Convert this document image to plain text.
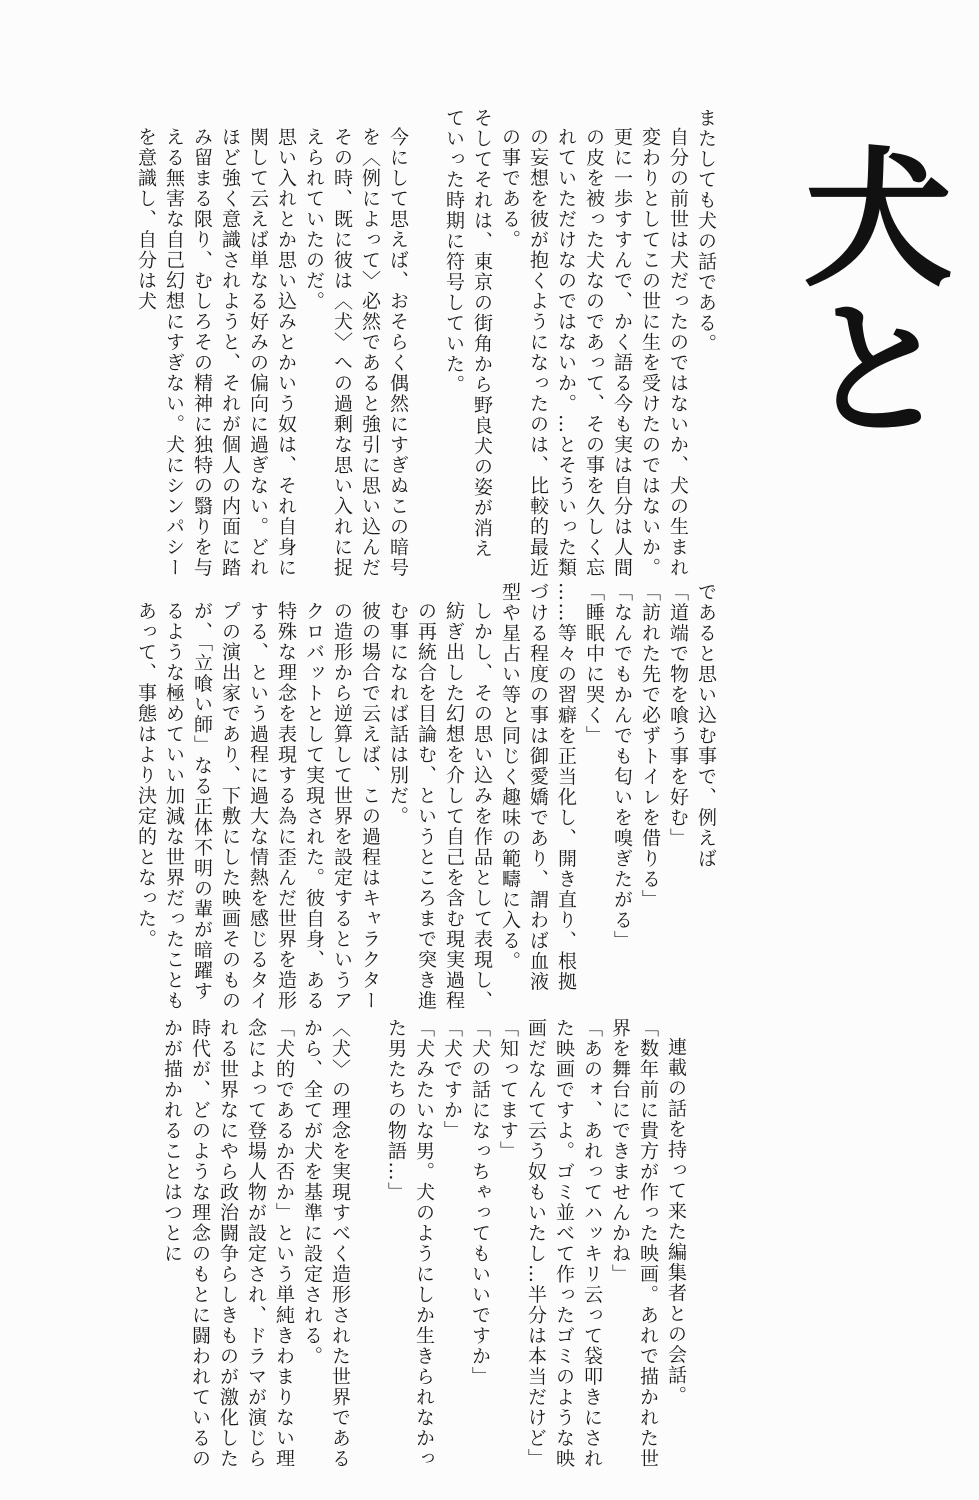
犬と

またしても犬の話である。

自分の前世は犬だったのではないか、犬の生まれ変わりとしてこの世に生を受けたのではないか。更に一歩すすんで、かく語る今も実は自分は人間の皮を被った犬なのであって、その事を久しく忘れていただけなのではないか。…とそういった類の妄想を彼が抱くようになったのは、比較的最近の事である。

そしてそれは、東京の街角から野良犬の姿が消えていった時期に符号していた。

今にして思えば、おそらく偶然にすぎぬこの暗号を〈例によって〉必然であると強引に思い込んだその時、既に彼は〈犬〉への過剰な思い入れに捉えられていたのだ。

思い入れとか思い込みとかいう奴は、それ自身に関して云えば単なる好みの偏向に過ぎない。どれほど強く意識されようと、それが個人の内面に踏み留まる限り、むしろその精神に独特の翳りを与える無害な自己幻想にすぎない。犬にシンパシーを意識し、自分は犬

であると思い込む事で、例えば

「道端で物を喰う事を好む」

「訪れた先で必ずトイレを借りる」

「なんでもかんでも匂いを嗅ぎたがる」

「睡眠中に哭く」

……等々の習癖を正当化し、開き直り、根拠づける程度の事は御愛嬌であり、謂わば血液型や星占い等と同じく趣味の範疇に入る。

しかし、その思い込みを作品として表現し、紡ぎ出した幻想を介して自己を含む現実過程の再統合を目論む、というところまで突き進む事になれば話は別だ。

彼の場合で云えば、この過程はキャラクターの造形から逆算して世界を設定するというアクロバットとして実現された。彼自身、ある特殊な理念を表現する為に歪んだ世界を造形する、という過程に過大な情熱を感じるタイプの演出家であり、下敷にした映画そのものが、「立喰い師」なる正体不明の輩が暗躍するような極めていい加減な世界だったこともあって、事態はより決定的となった。

連載の話を持って来た編集者との会話。

「数年前に貴方が作った映画。あれで描かれた世界を舞台にできませんかね」

「あのォ、あれってハッキリ云って袋叩きにされた映画ですよ。ゴミ並べて作ったゴミのような映画だなんて云う奴もいたし…半分は本当だけど」

「知ってます」

「犬の話になっちゃってもいいですか」

「犬ですか」

「犬みたいな男。犬のようにしか生きられなかった男たちの物語…」

〈犬〉の理念を実現すべく造形された世界であるから、全てが犬を基準に設定される。

「犬的であるか否か」という単純きわまりない理念によって登場人物が設定され、ドラマが演じられる世界なにやら政治闘争らしきものが激化した時代が、どのような理念のもとに闘われているのかが描かれることはつとに
